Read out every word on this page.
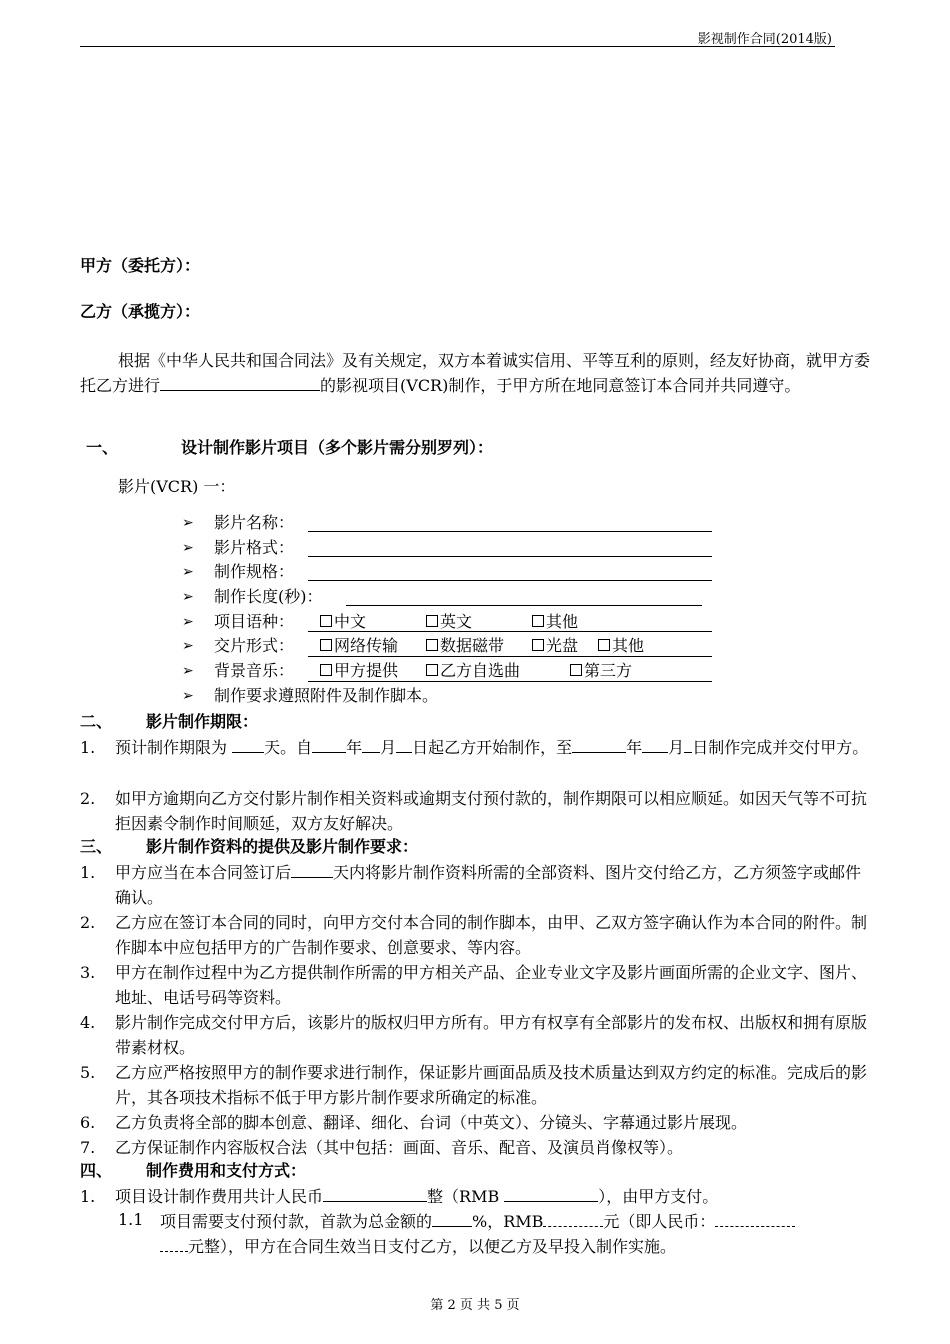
影视制作合同(2014版)
甲方（委托方）：
乙方（承揽方）：
根据《中华人民共和国合同法》及有关规定，双方本着诚实信用、平等互利的原则，经友好协商，就甲方委托乙方进行	的影视项目(VCR)制作，于甲方所在地同意签订本合同并共同遵守。
一、	设计制作影片项目（多个影片需分别罗列）：
影片(VCR) 一：
➢ 影片名称：
➢ 影片格式：
➢ 制作规格：
➢ 制作长度(秒)：
➢ 项目语种：	中文	英文	其他
➢ 交片形式：	网络传输	数据磁带	光盘	其他
➢ 背景音乐：	甲方提供	乙方自选曲	第三方
➢ 制作要求遵照附件及制作脚本。
二、 影片制作期限：
1. 预计制作期限为 天。自 年 月 日起乙方开始制作，至	年 月 日制作完成并交付甲方。
2. 如甲方逾期向乙方交付影片制作相关资料或逾期支付预付款的，制作期限可以相应顺延。如因天气等不可抗拒因素令制作时间顺延，双方友好解决。
三、 影片制作资料的提供及影片制作要求：
1. 甲方应当在本合同签订后	天内将影片制作资料所需的全部资料、图片交付给乙方，乙方须签字或邮件确认。
2. 乙方应在签订本合同的同时，向甲方交付本合同的制作脚本，由甲、乙双方签字确认作为本合同的附件。制作脚本中应包括甲方的广告制作要求、创意要求、等内容。
3. 甲方在制作过程中为乙方提供制作所需的甲方相关产品、企业专业文字及影片画面所需的企业文字、图片、地址、电话号码等资料。
4. 影片制作完成交付甲方后，该影片的版权归甲方所有。甲方有权享有全部影片的发布权、出版权和拥有原版带素材权。
5. 乙方应严格按照甲方的制作要求进行制作，保证影片画面品质及技术质量达到双方约定的标准。完成后的影片，其各项技术指标不低于甲方影片制作要求所确定的标准。
6. 乙方负责将全部的脚本创意、翻译、细化、台词（中英文）、分镜头、字幕通过影片展现。
7. 乙方保证制作内容版权合法（其中包括：画面、音乐、配音、及演员肖像权等）。
四、 制作费用和支付方式：
1. 项目设计制作费用共计人民币	整（RMB	），由甲方支付。
1.1 项目需要支付预付款，首款为总金额的	%，RMB	元（即人民币：
元整），甲方在合同生效当日支付乙方，以便乙方及早投入制作实施。
第 2 页 共 5 页
